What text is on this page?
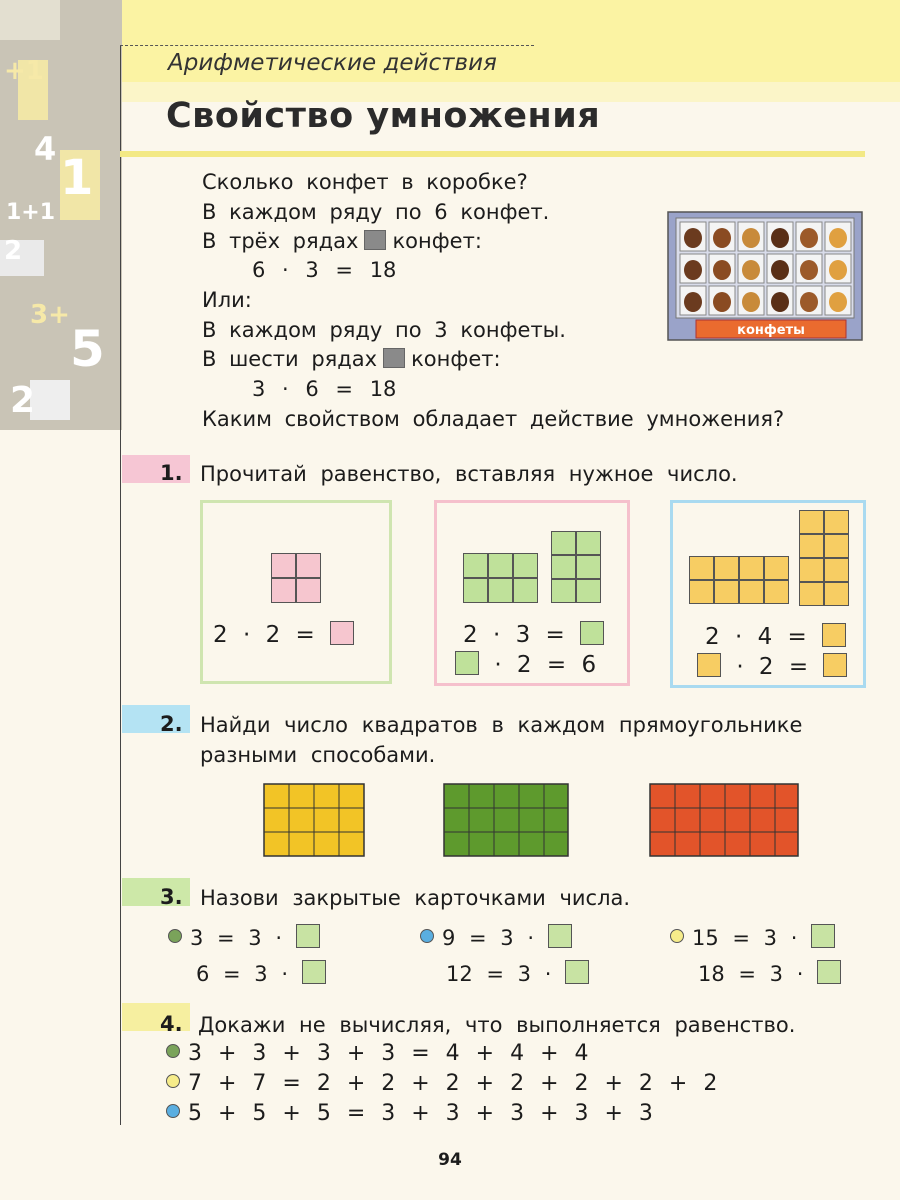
+1
4
1
1+1
2
3+
5
2
Арифметические действия
Свойство умножения
Сколько конфет в коробке?
В каждом ряду по 6 конфет.
В трёх рядах конфет:
6 · 3 = 18
Или:
В каждом ряду по 3 конфеты.
В шести рядах конфет:
3 · 6 = 18
Каким свойством обладает действие умножения?
конфеты
1. Прочитай равенство, вставляя нужное число.
2 · 2 =	2 · 3 =
· 2 = 6
2 · 4 =
· 2 =
2. Найди число квадратов в каждом прямоугольнике
разными способами.
3. Назови закрытые карточками числа.
3 = 3 ·
6 = 3 ·
9 = 3 ·
12 = 3 ·
15 = 3 ·
18 = 3 ·
4. Докажи не вычисляя, что выполняется равенство.
3 + 3 + 3 + 3 = 4 + 4 + 4
7 + 7 = 2 + 2 + 2 + 2 + 2 + 2 + 2
5 + 5 + 5 = 3 + 3 + 3 + 3 + 3
94
